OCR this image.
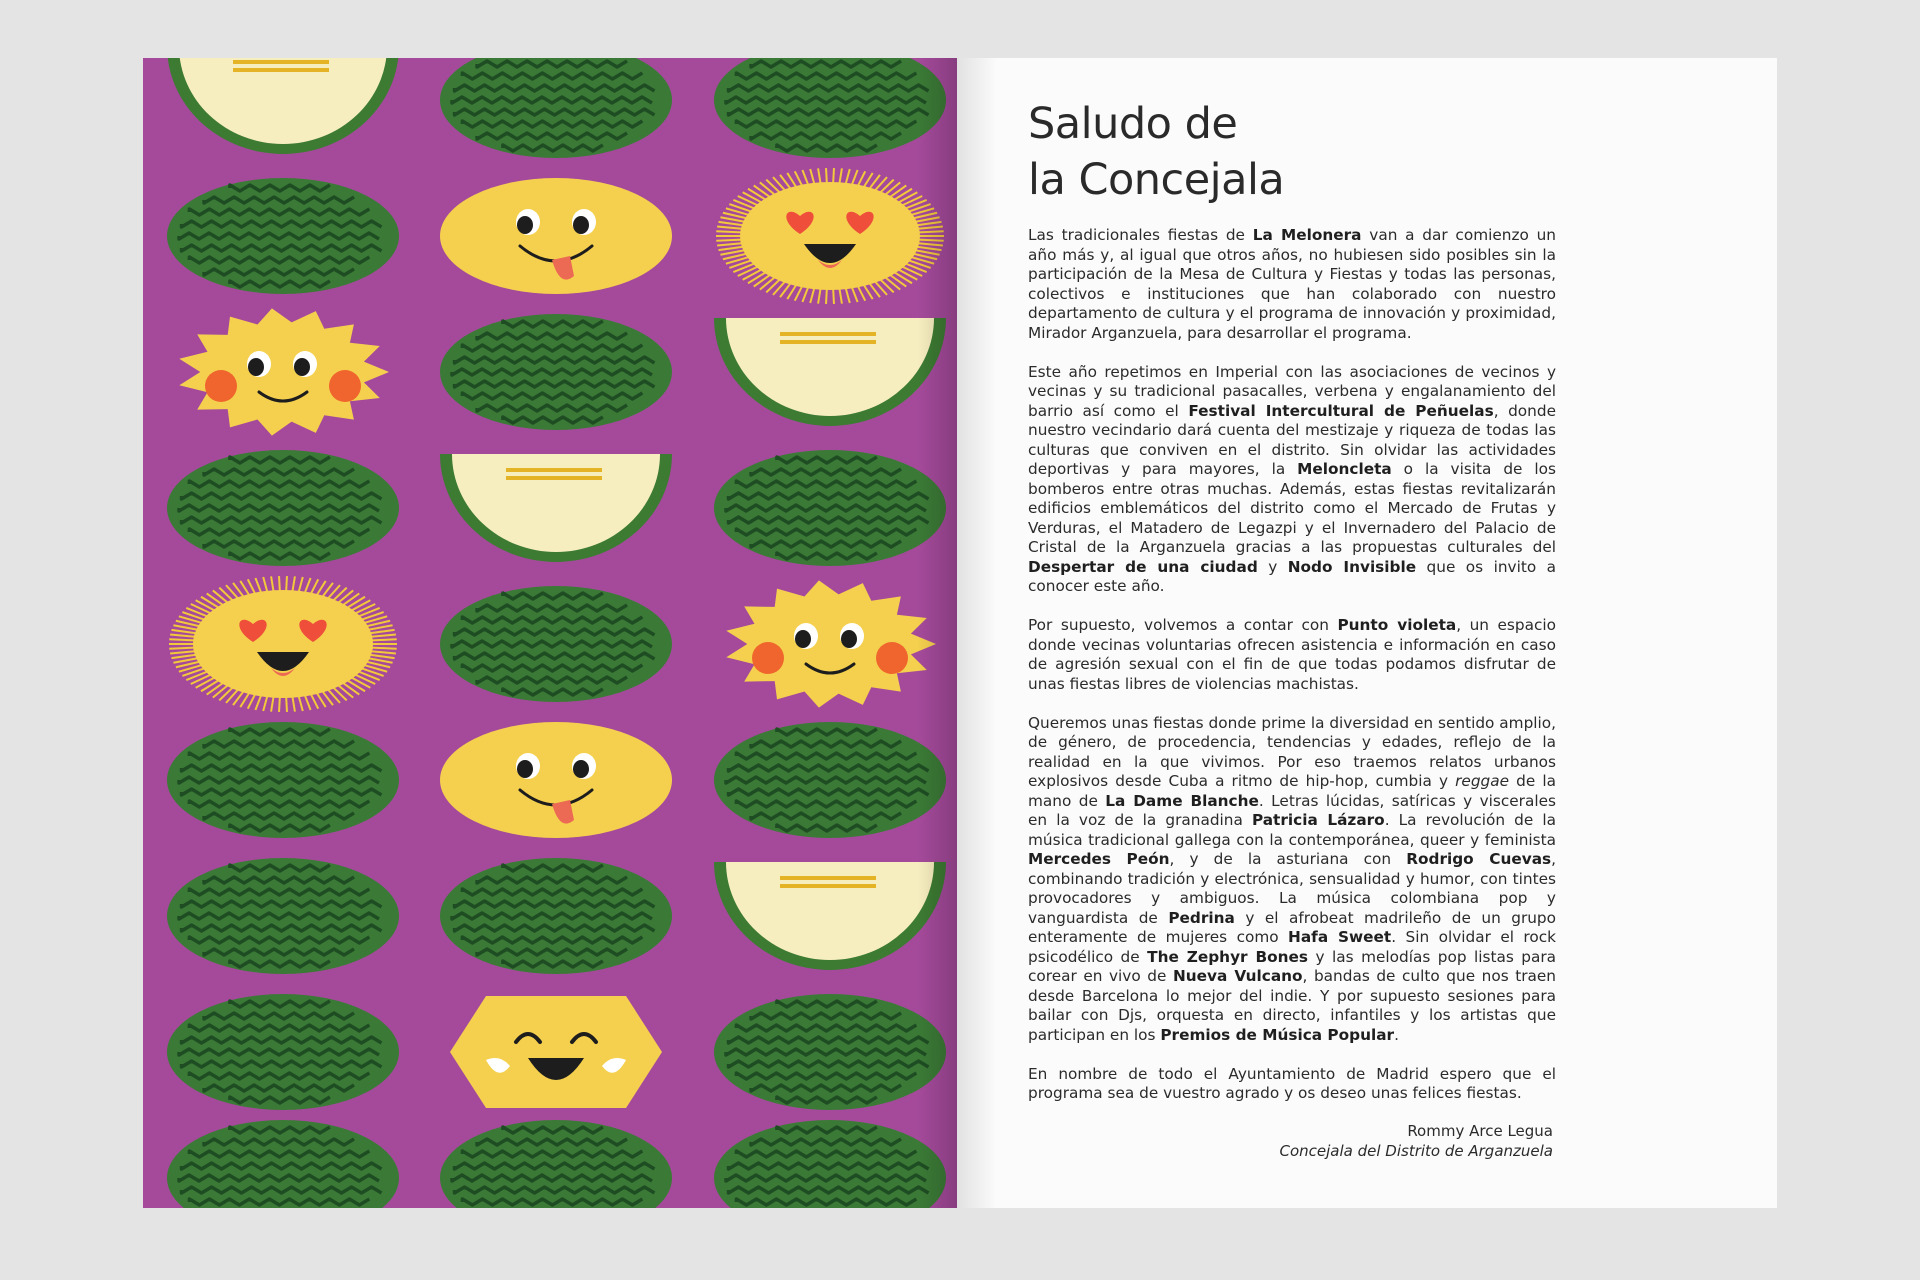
Saludo de
la Concejala

Las tradicionales fiestas de La Melonera van a dar comienzo un año más y, al igual que otros años, no hubiesen sido posibles sin la participación de la Mesa de Cultura y Fiestas y todas las personas, colectivos e instituciones que han colaborado con nuestro departamento de cultura y el programa de innovación y proximidad, Mirador Arganzuela, para desarrollar el programa.

Este año repetimos en Imperial con las asociaciones de vecinos y vecinas y su tradicional pasacalles, verbena y engalanamiento del barrio así como el Festival Intercultural de Peñuelas, donde nuestro vecindario dará cuenta del mestizaje y riqueza de todas las culturas que conviven en el distrito. Sin olvidar las actividades deportivas y para mayores, la Meloncleta o la visita de los bomberos entre otras muchas. Además, estas fiestas revitalizarán edificios emblemáticos del distrito como el Mercado de Frutas y Verduras, el Matadero de Legazpi y el Invernadero del Palacio de Cristal de la Arganzuela gracias a las propuestas culturales del Despertar de una ciudad y Nodo Invisible que os invito a conocer este año.

Por supuesto, volvemos a contar con Punto violeta, un espacio donde vecinas voluntarias ofrecen asistencia e información en caso de agresión sexual con el fin de que todas podamos disfrutar de unas fiestas libres de violencias machistas.

Queremos unas fiestas donde prime la diversidad en sentido amplio, de género, de procedencia, tendencias y edades, reflejo de la realidad en la que vivimos. Por eso traemos relatos urbanos explosivos desde Cuba a ritmo de hip-hop, cumbia y reggae de la mano de La Dame Blanche. Letras lúcidas, satíricas y viscerales en la voz de la granadina Patricia Lázaro. La revolución de la música tradicional gallega con la contemporánea, queer y feminista Mercedes Peón, y de la asturiana con Rodrigo Cuevas, combinando tradición y electrónica, sensualidad y humor, con tintes provocadores y ambiguos. La música colombiana pop y vanguardista de Pedrina y el afrobeat madrileño de un grupo enteramente de mujeres como Hafa Sweet. Sin olvidar el rock psicodélico de The Zephyr Bones y las melodías pop listas para corear en vivo de Nueva Vulcano, bandas de culto que nos traen desde Barcelona lo mejor del indie. Y por supuesto sesiones para bailar con Djs, orquesta en directo, infantiles y los artistas que participan en los Premios de Música Popular.

En nombre de todo el Ayuntamiento de Madrid espero que el programa sea de vuestro agrado y os deseo unas felices fiestas.

Rommy Arce Legua
Concejala del Distrito de Arganzuela
